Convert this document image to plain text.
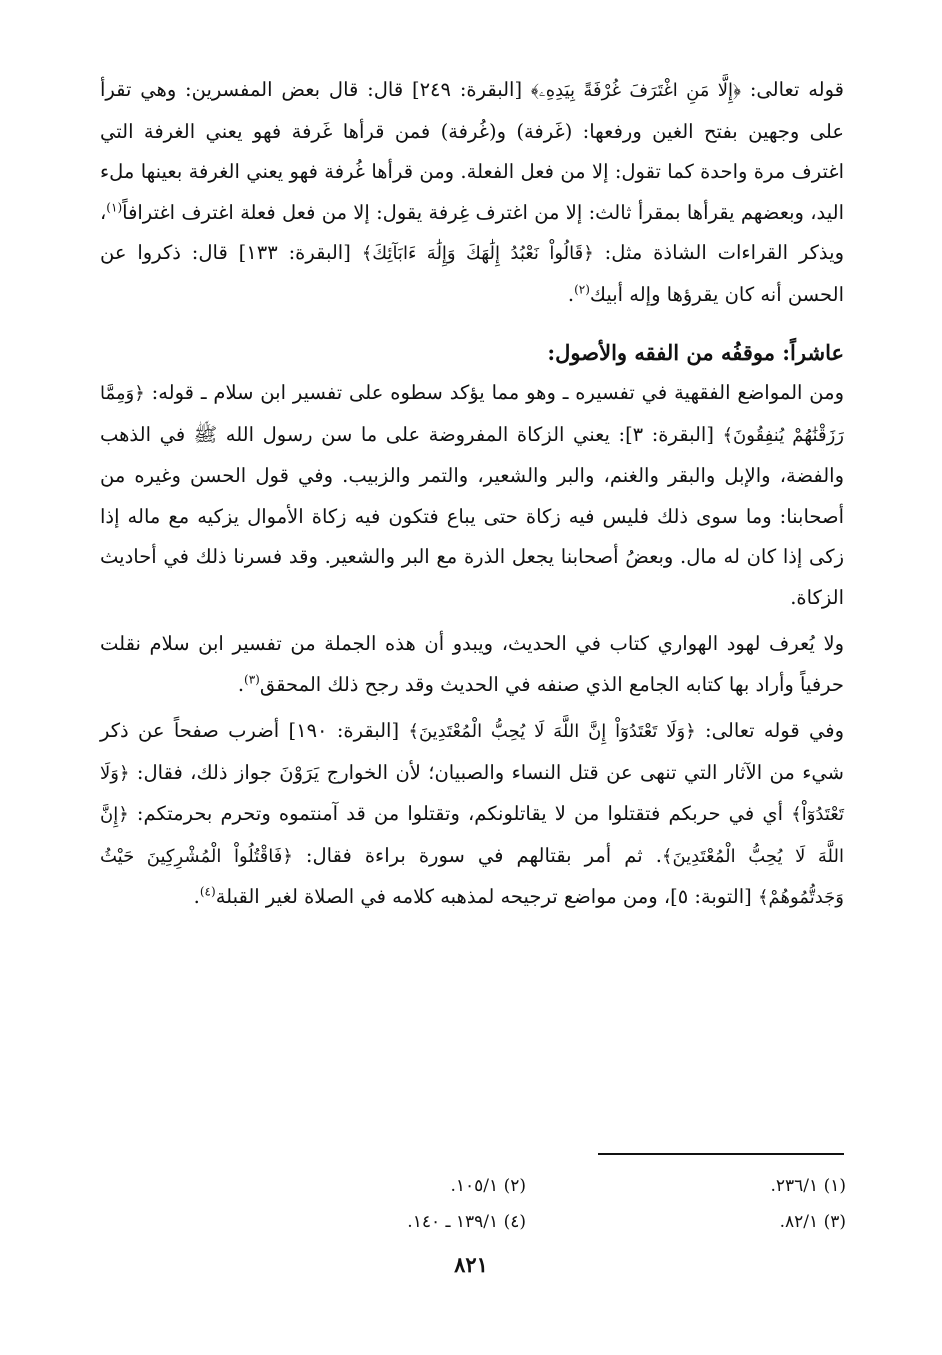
قوله تعالى: ﴿إِلَّا مَنِ اغْتَرَفَ غُرْفَةً بِيَدِهِۦ﴾ [البقرة: ٢٤٩] قال: قال بعض المفسرين: وهي تقرأ على وجهين بفتح الغين ورفعها: (غَرفة) و(غُرفة) فمن قرأها غَرفة فهو يعني الغرفة التي اغترف مرة واحدة كما تقول: إلا من فعل الفعلة. ومن قرأها غُرفة فهو يعني الغرفة بعينها ملء اليد، وبعضهم يقرأها بمقرأ ثالث: إلا من اغترف غِرفة يقول: إلا من فعل فعلة اغترف اغترافاً$^{(١)}$، ويذكر القراءات الشاذة مثل: ﴿قَالُواْ نَعْبُدُ إِلَٰهَكَ وَإِلَٰهَ ءَابَآئِكَ﴾ [البقرة: ١٣٣] قال: ذكروا عن الحسن أنه كان يقرؤها وإله أبيك$^{(٢)}$.

عاشراً: موقفُه من الفقه والأصول:

ومن المواضع الفقهية في تفسيره ـ وهو مما يؤكد سطوه على تفسير ابن سلام ـ قوله: ﴿وَمِمَّا رَزَقْنَٰهُمْ يُنفِقُونَ﴾ [البقرة: ٣]: يعني الزكاة المفروضة على ما سن رسول الله ﷺ في الذهب والفضة، والإبل والبقر والغنم، والبر والشعير، والتمر والزبيب. وفي قول الحسن وغيره من أصحابنا: وما سوى ذلك فليس فيه زكاة حتى يباع فتكون فيه زكاة الأموال يزكيه مع ماله إذا زكى إذا كان له مال. وبعضُ أصحابنا يجعل الذرة مع البر والشعير. وقد فسرنا ذلك في أحاديث الزكاة.

ولا يُعرف لهود الهواري كتاب في الحديث، ويبدو أن هذه الجملة من تفسير ابن سلام نقلت حرفياً وأراد بها كتابه الجامع الذي صنفه في الحديث وقد رجح ذلك المحقق$^{(٣)}$.

وفي قوله تعالى: ﴿وَلَا تَعْتَدُوٓاْ إِنَّ اللَّهَ لَا يُحِبُّ الْمُعْتَدِينَ﴾ [البقرة: ١٩٠] أضرب صفحاً عن ذكر شيء من الآثار التي تنهى عن قتل النساء والصبيان؛ لأن الخوارج يَرَوْنَ جواز ذلك، فقال: ﴿وَلَا تَعْتَدُوٓاْ﴾ أي في حربكم فتقتلوا من لا يقاتلونكم، وتقتلوا من قد آمنتموه وتحرم بحرمتكم: ﴿إِنَّ اللَّهَ لَا يُحِبُّ الْمُعْتَدِينَ﴾. ثم أمر بقتالهم في سورة براءة فقال: ﴿فَاقْتُلُواْ الْمُشْرِكِينَ حَيْثُ وَجَدتُّمُوهُمْ﴾ [التوبة: ٥]، ومن مواضع ترجيحه لمذهبه كلامه في الصلاة لغير القبلة$^{(٤)}$.

(١) ٢٣٦/١.
(٢) ١٠٥/١.
(٣) ٨٢/١.
(٤) ١٣٩/١ ـ ١٤٠.
٨٢١
